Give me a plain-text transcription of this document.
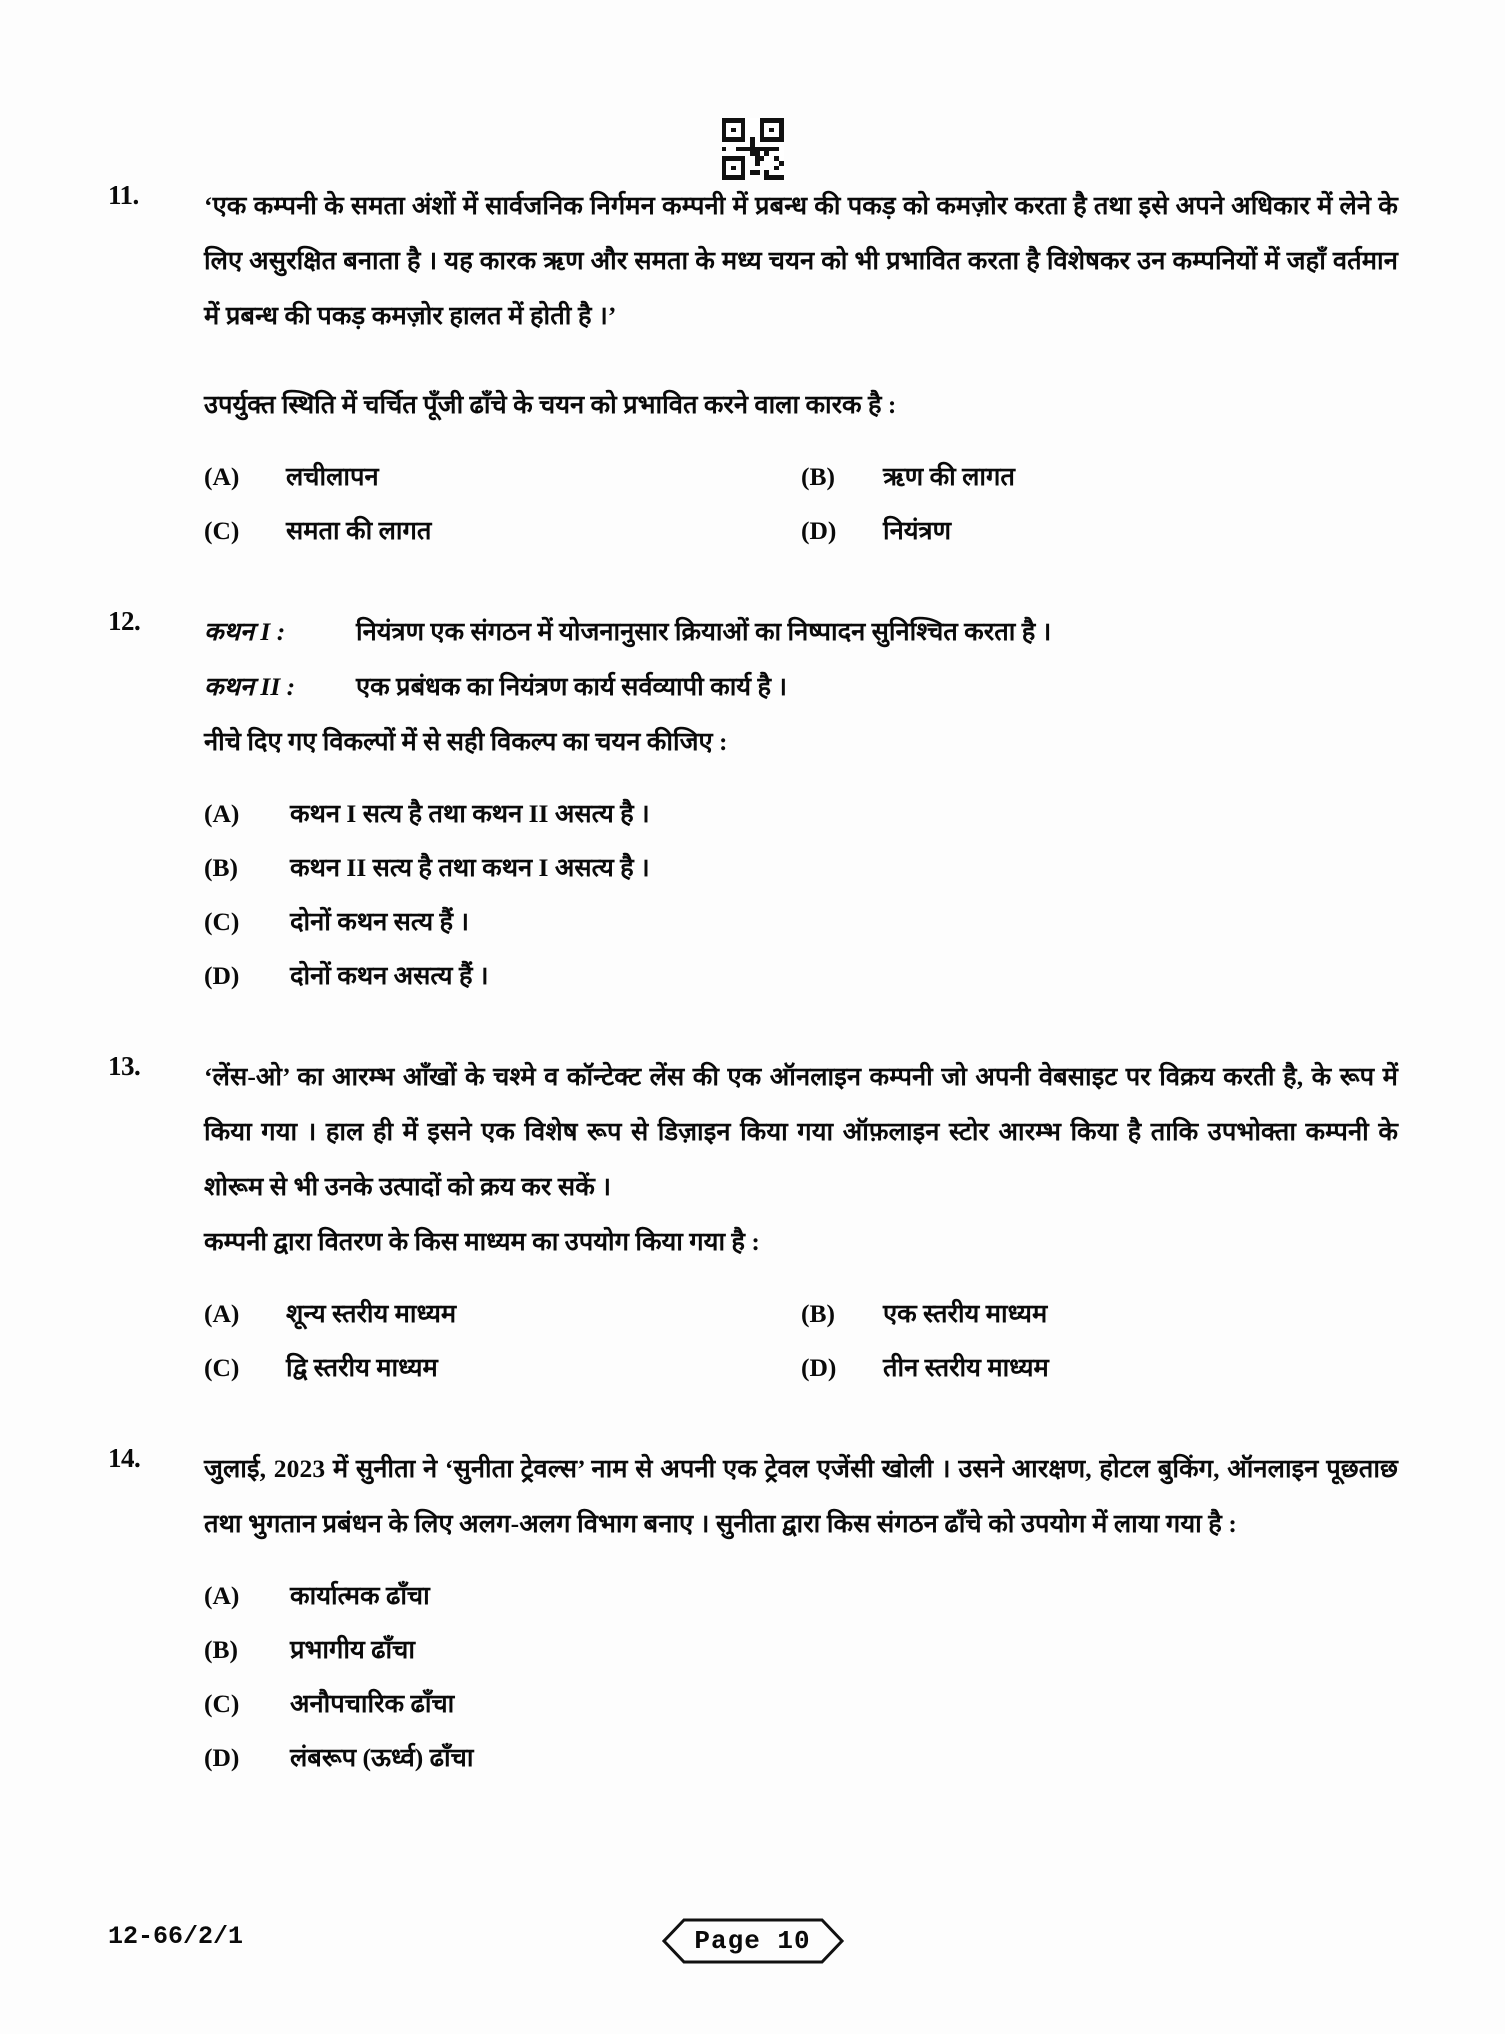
11.	‘एक कम्पनी के समता अंशों में सार्वजनिक निर्गमन कम्पनी में प्रबन्ध की पकड़ को कमज़ोर करता है तथा इसे अपने अधिकार में लेने के लिए असुरक्षित बनाता है । यह कारक ऋण और समता के मध्य चयन को भी प्रभावित करता है विशेषकर उन कम्पनियों में जहाँ वर्तमान में प्रबन्ध की पकड़ कमज़ोर हालत में होती है ।’
उपर्युक्त स्थिति में चर्चित पूँजी ढाँचे के चयन को प्रभावित करने वाला कारक है :
(A)	लचीलापन	(B)	ऋण की लागत
(C)	समता की लागत	(D)	नियंत्रण
12.	कथन I :	नियंत्रण एक संगठन में योजनानुसार क्रियाओं का निष्पादन सुनिश्चित करता है ।
कथन II :	एक प्रबंधक का नियंत्रण कार्य सर्वव्यापी कार्य है ।
नीचे दिए गए विकल्पों में से सही विकल्प का चयन कीजिए :
(A)	कथन I सत्य है तथा कथन II असत्य है ।
(B)	कथन II सत्य है तथा कथन I असत्य है ।
(C)	दोनों कथन सत्य हैं ।
(D)	दोनों कथन असत्य हैं ।
13.	‘लेंस-ओ’ का आरम्भ आँखों के चश्मे व कॉन्टेक्ट लेंस की एक ऑनलाइन कम्पनी जो अपनी वेबसाइट पर विक्रय करती है, के रूप में किया गया । हाल ही में इसने एक विशेष रूप से डिज़ाइन किया गया ऑफ़लाइन स्टोर आरम्भ किया है ताकि उपभोक्ता कम्पनी के शोरूम से भी उनके उत्पादों को क्रय कर सकें ।
कम्पनी द्वारा वितरण के किस माध्यम का उपयोग किया गया है :
(A)	शून्य स्तरीय माध्यम	(B)	एक स्तरीय माध्यम
(C)	द्वि स्तरीय माध्यम	(D)	तीन स्तरीय माध्यम
14.	जुलाई, 2023 में सुनीता ने ‘सुनीता ट्रेवल्स’ नाम से अपनी एक ट्रेवल एजेंसी खोली । उसने आरक्षण, होटल बुकिंग, ऑनलाइन पूछताछ तथा भुगतान प्रबंधन के लिए अलग-अलग विभाग बनाए । सुनीता द्वारा किस संगठन ढाँचे को उपयोग में लाया गया है :
(A)	कार्यात्मक ढाँचा
(B)	प्रभागीय ढाँचा
(C)	अनौपचारिक ढाँचा
(D)	लंबरूप (ऊर्ध्व) ढाँचा
12-66/2/1	Page 10
